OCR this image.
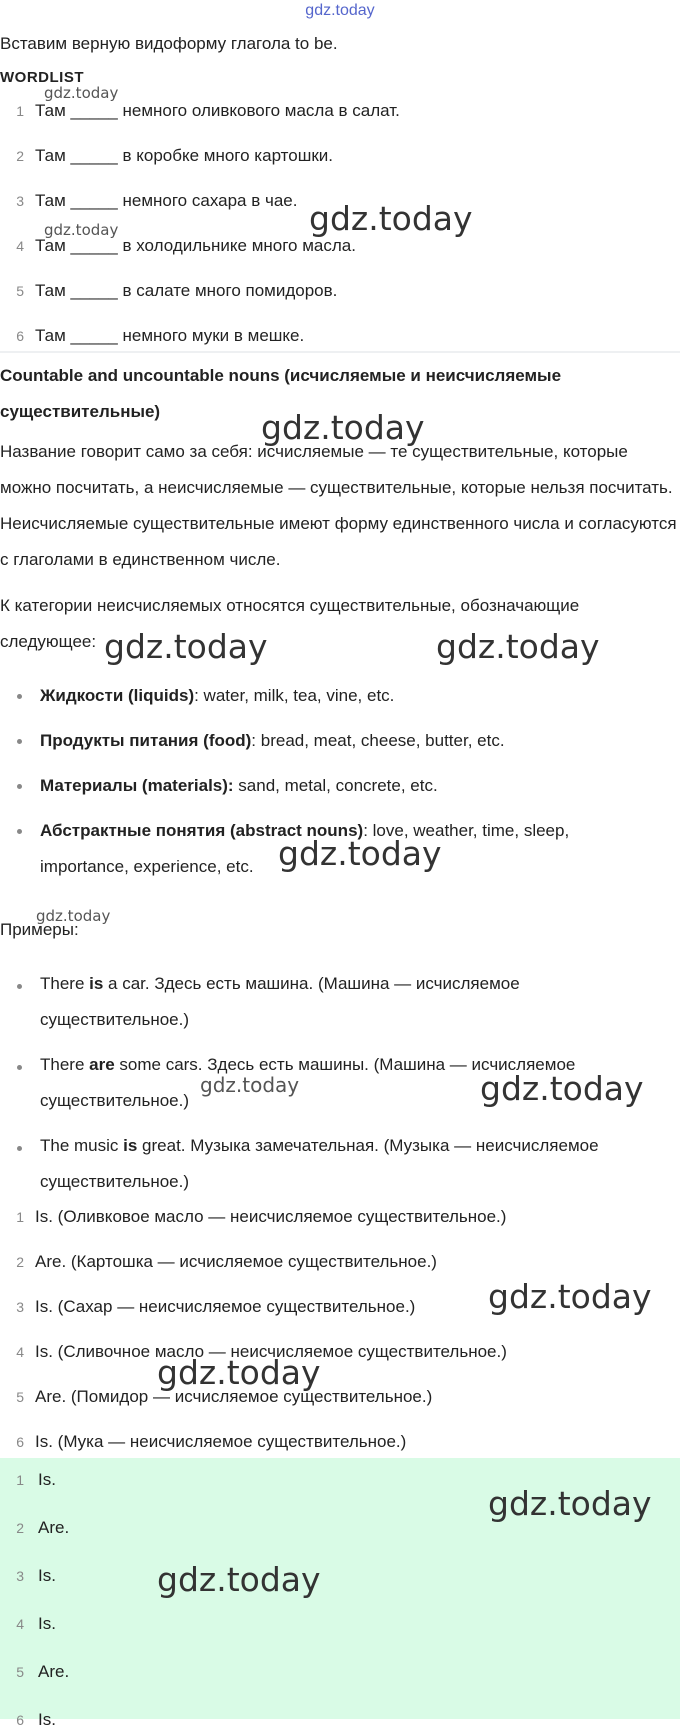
gdz.today
Вставим верную видоформу глагола to be.
WORDLIST
1 Там _____ немного оливкового масла в салат.
2 Там _____ в коробке много картошки.
3 Там _____ немного сахара в чае.
4 Там _____ в холодильнике много масла.
5 Там _____ в салате много помидоров.
6 Там _____ немного муки в мешке.
Countable and uncountable nouns (исчисляемые и неисчисляемые существительные)
Название говорит само за себя: исчисляемые — те существительные, которые можно посчитать, а неисчисляемые — существительные, которые нельзя посчитать. Неисчисляемые существительные имеют форму единственного числа и согласуются с глаголами в единственном числе.
К категории неисчисляемых относятся существительные, обозначающие следующее:
Жидкости (liquids): water, milk, tea, vine, etc.
Продукты питания (food): bread, meat, cheese, butter, etc.
Материалы (materials): sand, metal, concrete, etc.
Абстрактные понятия (abstract nouns): love, weather, time, sleep, importance, experience, etc.
Примеры:
There is a car. Здесь есть машина. (Машина — исчисляемое существительное.)
There are some cars. Здесь есть машины. (Машина — исчисляемое существительное.)
The music is great. Музыка замечательная. (Музыка — неисчисляемое существительное.)
1 Is. (Оливковое масло — неисчисляемое существительное.)
2 Are. (Картошка — исчисляемое существительное.)
3 Is. (Сахар — неисчисляемое существительное.)
4 Is. (Сливочное масло — неисчисляемое существительное.)
5 Are. (Помидор — исчисляемое существительное.)
6 Is. (Мука — неисчисляемое существительное.)
1 Is.
2 Are.
3 Is.
4 Is.
5 Are.
6 Is.
gdz.today
gdz.today
gdz.today
gdz.today
gdz.today	gdz.today
gdz.today
gdz.today
gdz.today	gdz.today
gdz.today
gdz.today
gdz.today
gdz.today
